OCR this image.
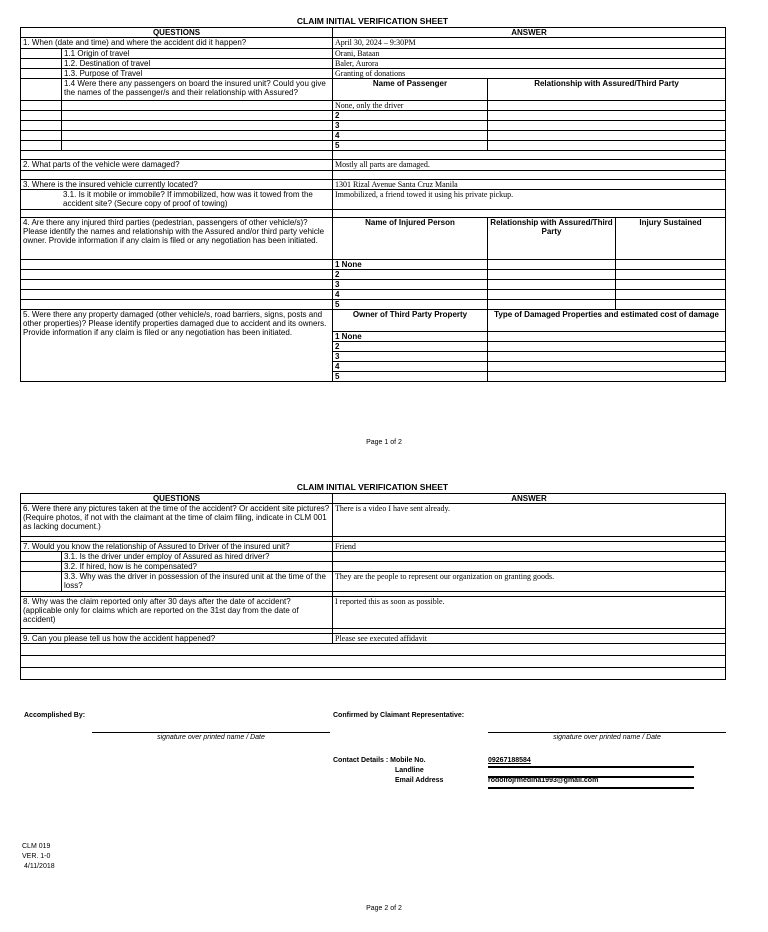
CLAIM INITIAL VERIFICATION SHEET
QUESTIONS		ANSWER		
1. When (date and time) and where the accident did it happen?		April 30, 2024 – 9:30PM		
	1.1 Origin of travel	Orani, Bataan		
	1.2. Destination of travel	Baler, Aurora		
	1.3. Purpose of Travel	Granting of donations		
	1.4 Were there any passengers on board the insured unit? Could you give the names of the passenger/s and their relationship with Assured?	Name of Passenger	Relationship with Assured/Third Party	
		None, only the driver		
		2		
		3		
		4		
		5		

2. What parts of the vehicle were damaged?		Mostly all parts are damaged.		

3. Where is the insured vehicle currently located?		1301 Rizal Avenue Santa Cruz Manila		
3.1. Is it mobile or immobile? If immobilized, how was it towed from the accident site? (Secure copy of proof of towing)		Immobilized, a friend towed it using his private pickup.		

4. Are there any injured third parties (pedestrian, passengers of other vehicle/s)? Please identify the names and relationship with the Assured and/or third party vehicle owner. Provide information if any claim is filed or any negotiation has been initiated.		Name of Injured Person	Relationship with Assured/Third Party	Injury Sustained
		1 None		
		2		
		3		
		4		
		5		
5. Were there any property damaged (other vehicle/s, road barriers, signs, posts and other properties)? Please identify properties damaged due to accident and its owners. Provide information if any claim is filed or any negotiation has been initiated.		Owner of Third Party Property	Type of Damaged Properties and estimated cost of damage	
		1 None		
		2		
		3		
		4		
		5		
Page 1 of 2
CLAIM INITIAL VERIFICATION SHEET
QUESTIONS		ANSWER
6. Were there any pictures taken at the time of the accident? Or accident site pictures? (Require photos, if not with the claimant at the time of claim filing, indicate in CLM 001 as lacking document.)		There is a video I have sent already.

7. Would you know the relationship of Assured to Driver of the insured unit?		Friend
	3.1. Is the driver under employ of Assured as hired driver?	
	3.2. If hired, how is he compensated?	
	3.3. Why was the driver in possession of the insured unit at the time of the loss?	They are the people to represent our organization on granting goods.

8. Why was the claim reported only after 30 days after the date of accident? (applicable only for claims which are reported on the 31st day from the date of accident)		I reported this as soon as possible.

9. Can you please tell us how the accident happened?		Please see executed affidavit

Accomplished By:	Confirmed by Claimant Representative:
signature over printed name / Date	signature over printed name / Date
Contact Details : Mobile No.	09267188584
Landline
Email Address	rodolfojrmedina1993@gmail.com
CLM 019
VER. 1-0
4/11/2018
Page 2 of 2
